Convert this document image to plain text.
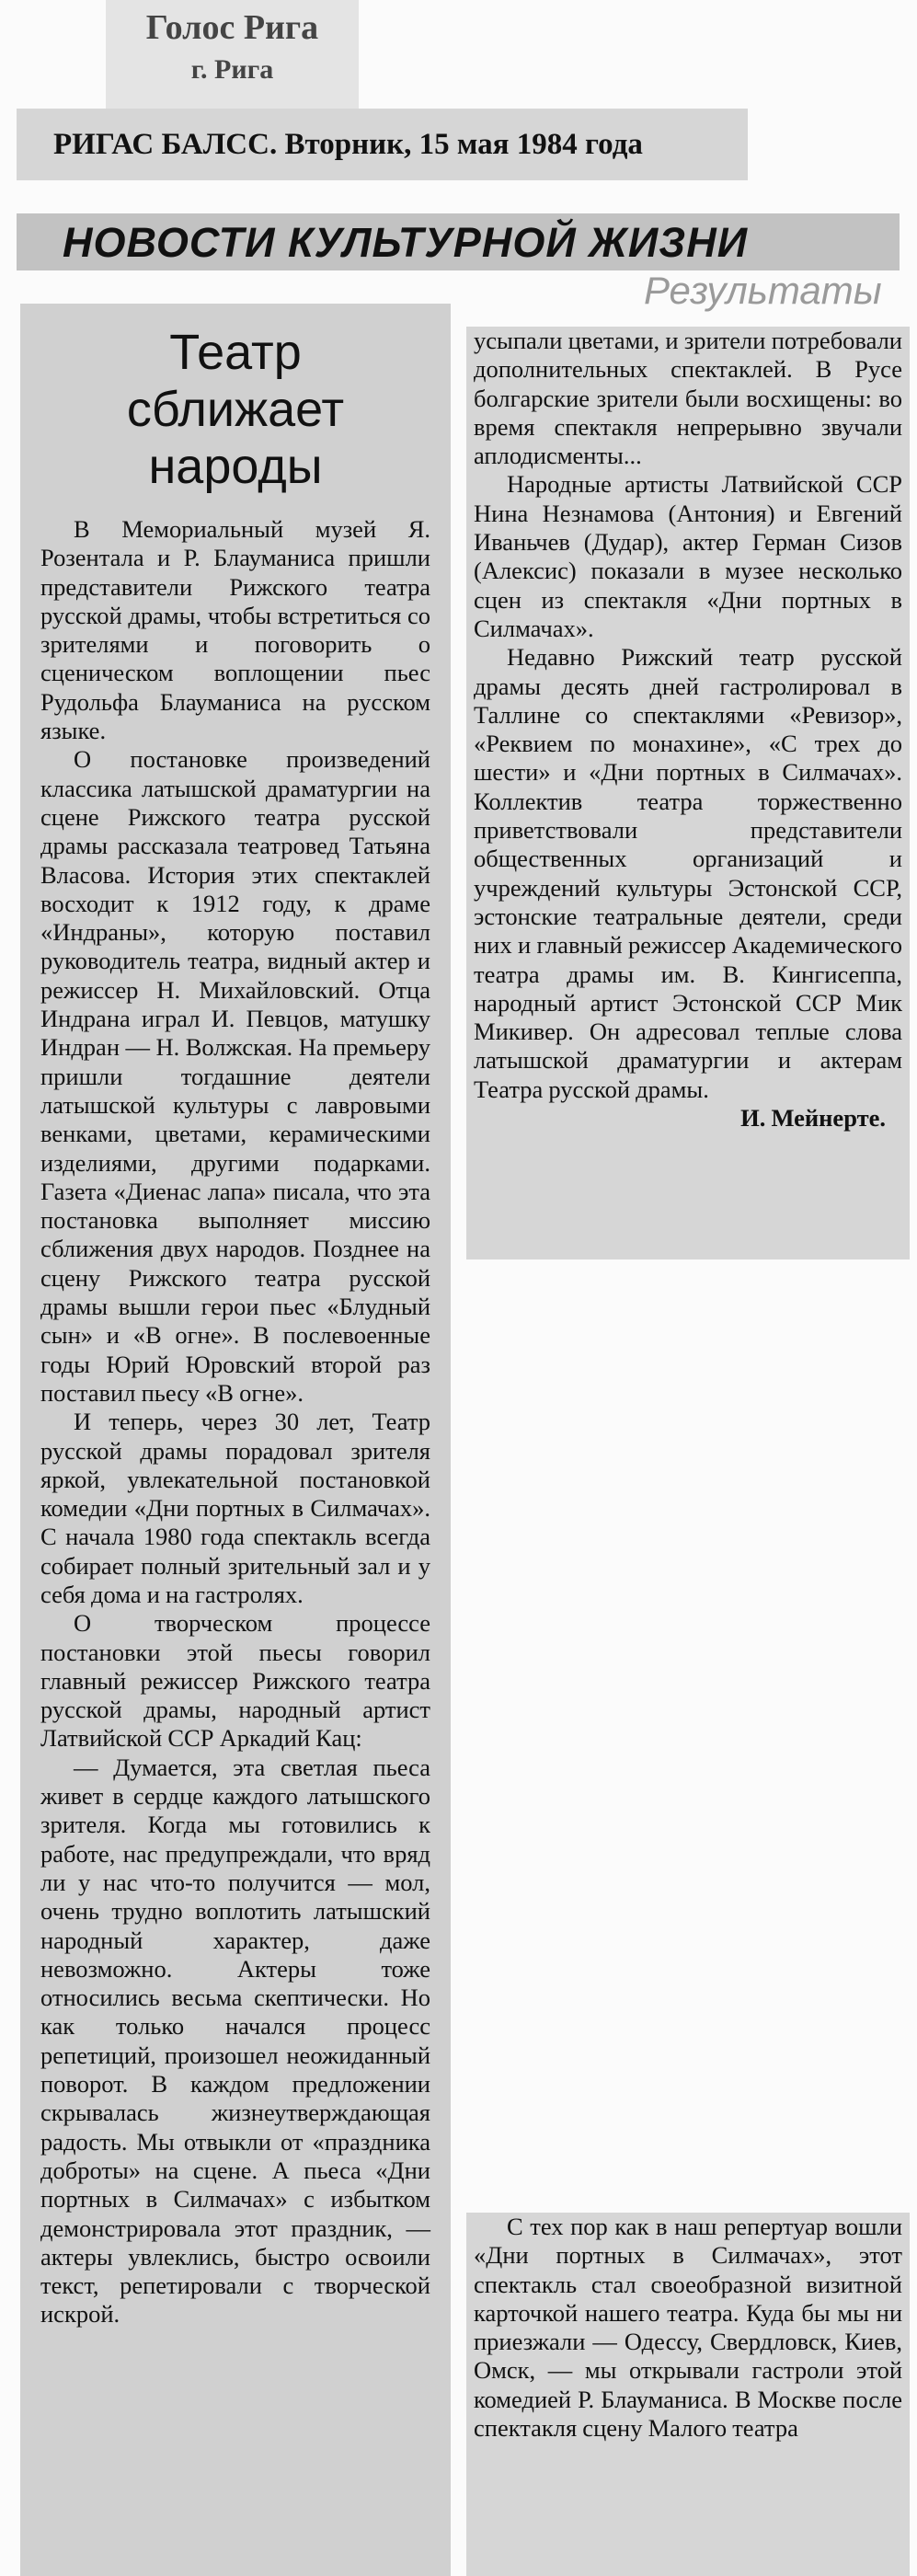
Голос Рига
г. Рига
РИГАС БАЛСС. Вторник, 15 мая 1984 года
НОВОСТИ КУЛЬТУРНОЙ ЖИЗНИ
Результаты
Театр
сближает
народы

В Мемориальный музей Я. Розентала и Р. Блауманиса пришли представители Рижского театра русской драмы, чтобы встретиться со зрителями и поговорить о сценическом воплощении пьес Рудольфа Блауманиса на русском языке.

О постановке произведений классика латышской драматургии на сцене Рижского театра русской драмы рассказала театровед Татьяна Власова. История этих спектаклей восходит к 1912 году, к драме «Индраны», которую поставил руководитель театра, видный актер и режиссер Н. Михайловский. Отца Индрана играл И. Певцов, матушку Индран — Н. Волжская. На премьеру пришли тогдашние деятели латышской культуры с лавровыми венками, цветами, керамическими изделиями, другими подарками. Газета «Диенас лапа» писала, что эта постановка выполняет миссию сближения двух народов. Позднее на сцену Рижского театра русской драмы вышли герои пьес «Блудный сын» и «В огне». В послевоенные годы Юрий Юровский второй раз поставил пьесу «В огне».

И теперь, через 30 лет, Театр русской драмы порадовал зрителя яркой, увлекательной постановкой комедии «Дни портных в Силмачах». С начала 1980 года спектакль всегда собирает полный зрительный зал и у себя дома и на гастролях.

О творческом процессе постановки этой пьесы говорил главный режиссер Рижского театра русской драмы, народный артист Латвийской ССР Аркадий Кац:

— Думается, эта светлая пьеса живет в сердце каждого латышского зрителя. Когда мы готовились к работе, нас предупреждали, что вряд ли у нас что-то получится — мол, очень трудно воплотить латышский народный характер, даже невозможно. Актеры тоже относились весьма скептически. Но как только начался процесс репетиций, произошел неожиданный поворот. В каждом предложении скрывалась жизнеутверждающая радость. Мы отвыкли от «праздника доброты» на сцене. А пьеса «Дни портных в Силмачах» с избытком демонстрировала этот праздник, — актеры увлеклись, быстро освоили текст, репетировали с творческой искрой.

усыпали цветами, и зрители потребовали дополнительных спектаклей. В Русе болгарские зрители были восхищены: во время спектакля непрерывно звучали аплодисменты...

Народные артисты Латвийской ССР Нина Незнамова (Антония) и Евгений Иваньчев (Дудар), актер Герман Сизов (Алексис) показали в музее несколько сцен из спектакля «Дни портных в Силмачах».

Недавно Рижский театр русской драмы десять дней гастролировал в Таллине со спектаклями «Ревизор», «Реквием по монахине», «С трех до шести» и «Дни портных в Силмачах». Коллектив театра торжественно приветствовали представители общественных организаций и учреждений культуры Эстонской ССР, эстонские театральные деятели, среди них и главный режиссер Академического театра драмы им. В. Кингисеппа, народный артист Эстонской ССР Мик Микивер. Он адресовал теплые слова латышской драматургии и актерам Театра русской драмы.

И. Мейнерте.

С тех пор как в наш репертуар вошли «Дни портных в Силмачах», этот спектакль стал своеобразной визитной карточкой нашего театра. Куда бы мы ни приезжали — Одессу, Свердловск, Киев, Омск, — мы открывали гастроли этой комедией Р. Блауманиса. В Москве после спектакля сцену Малого театра
